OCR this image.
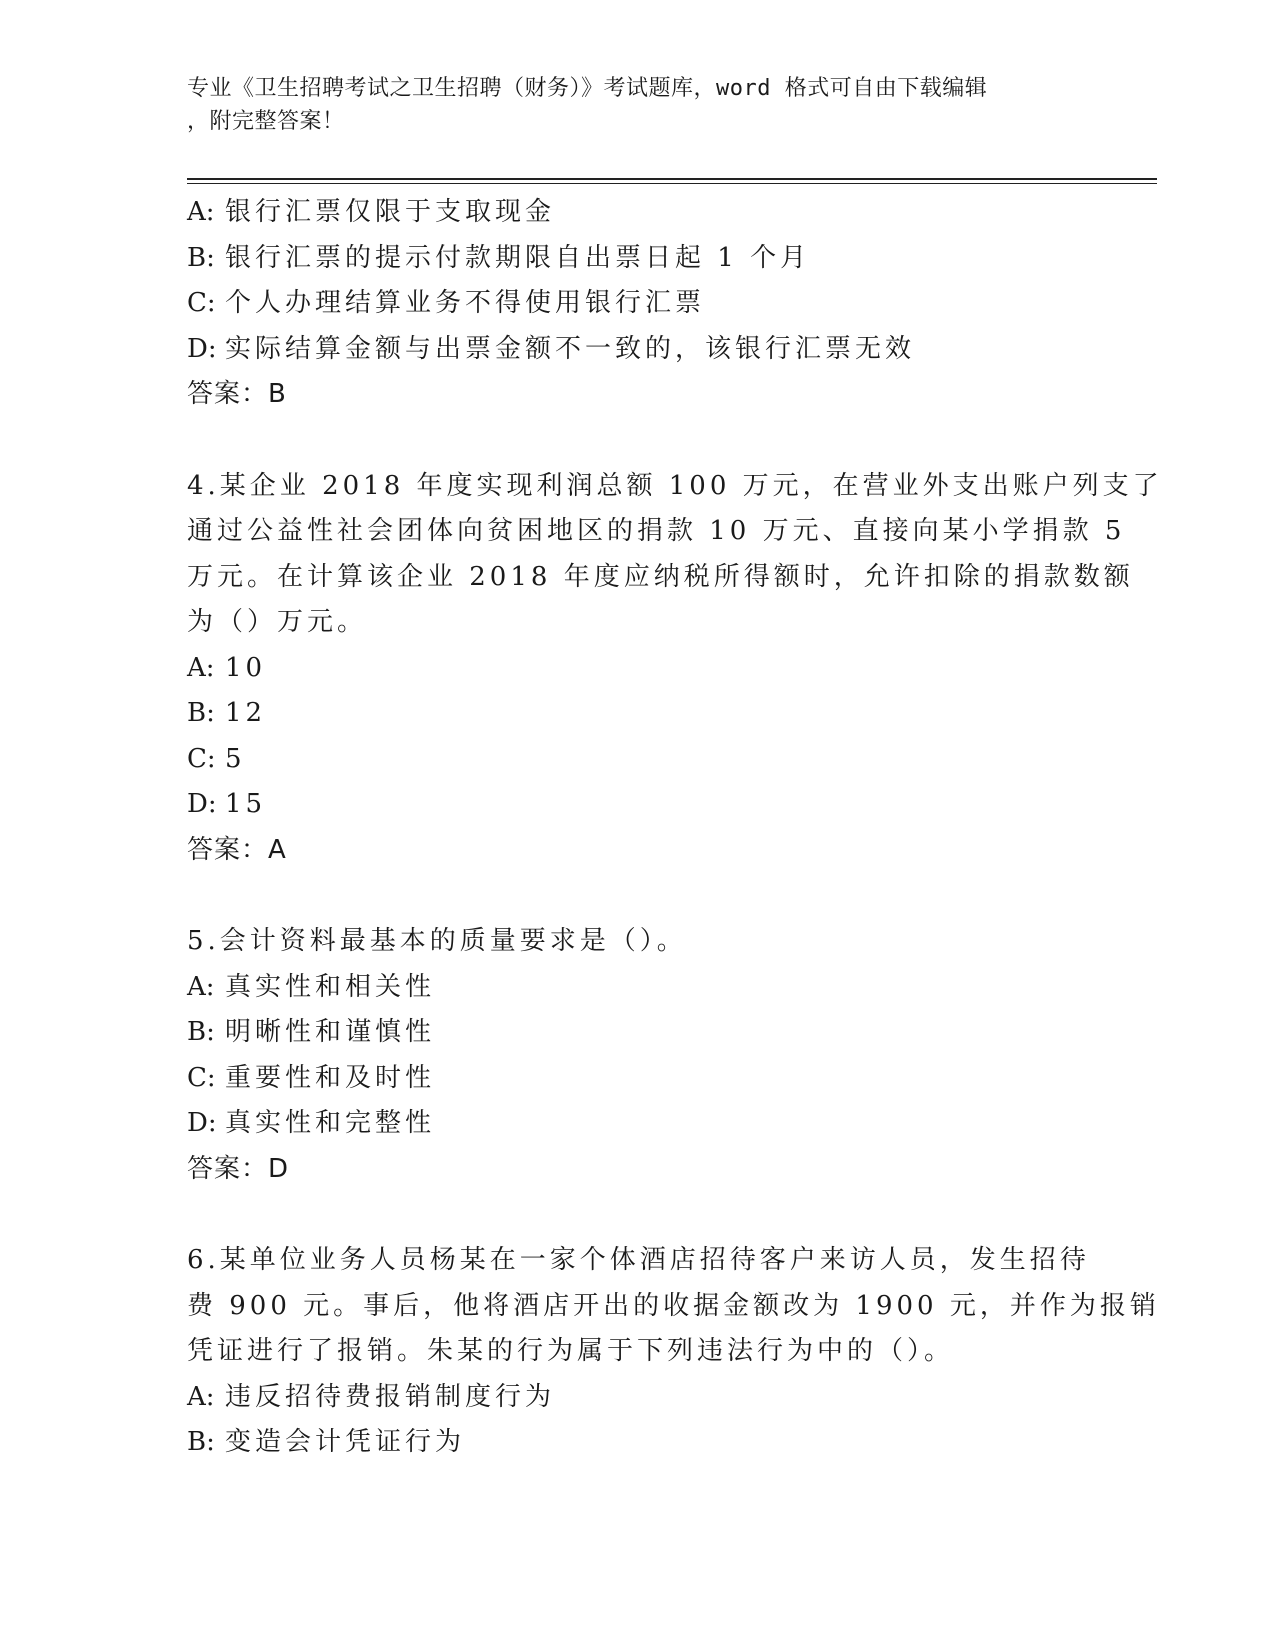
专业《卫生招聘考试之卫生招聘（财务）》考试题库，word 格式可自由下载编辑
，附完整答案！
A: 银行汇票仅限于支取现金
B: 银行汇票的提示付款期限自出票日起 1 个月
C: 个人办理结算业务不得使用银行汇票
D: 实际结算金额与出票金额不一致的，该银行汇票无效
答案：B
4.某企业 2018 年度实现利润总额 100 万元，在营业外支出账户列支了
通过公益性社会团体向贫困地区的捐款 10 万元、直接向某小学捐款 5
万元。在计算该企业 2018 年度应纳税所得额时，允许扣除的捐款数额
为（）万元。
A: 10
B: 12
C: 5
D: 15
答案：A
5.会计资料最基本的质量要求是（）。
A: 真实性和相关性
B: 明晰性和谨慎性
C: 重要性和及时性
D: 真实性和完整性
答案：D
6.某单位业务人员杨某在一家个体酒店招待客户来访人员，发生招待
费 900 元。事后，他将酒店开出的收据金额改为 1900 元，并作为报销
凭证进行了报销。朱某的行为属于下列违法行为中的（）。
A: 违反招待费报销制度行为
B: 变造会计凭证行为
